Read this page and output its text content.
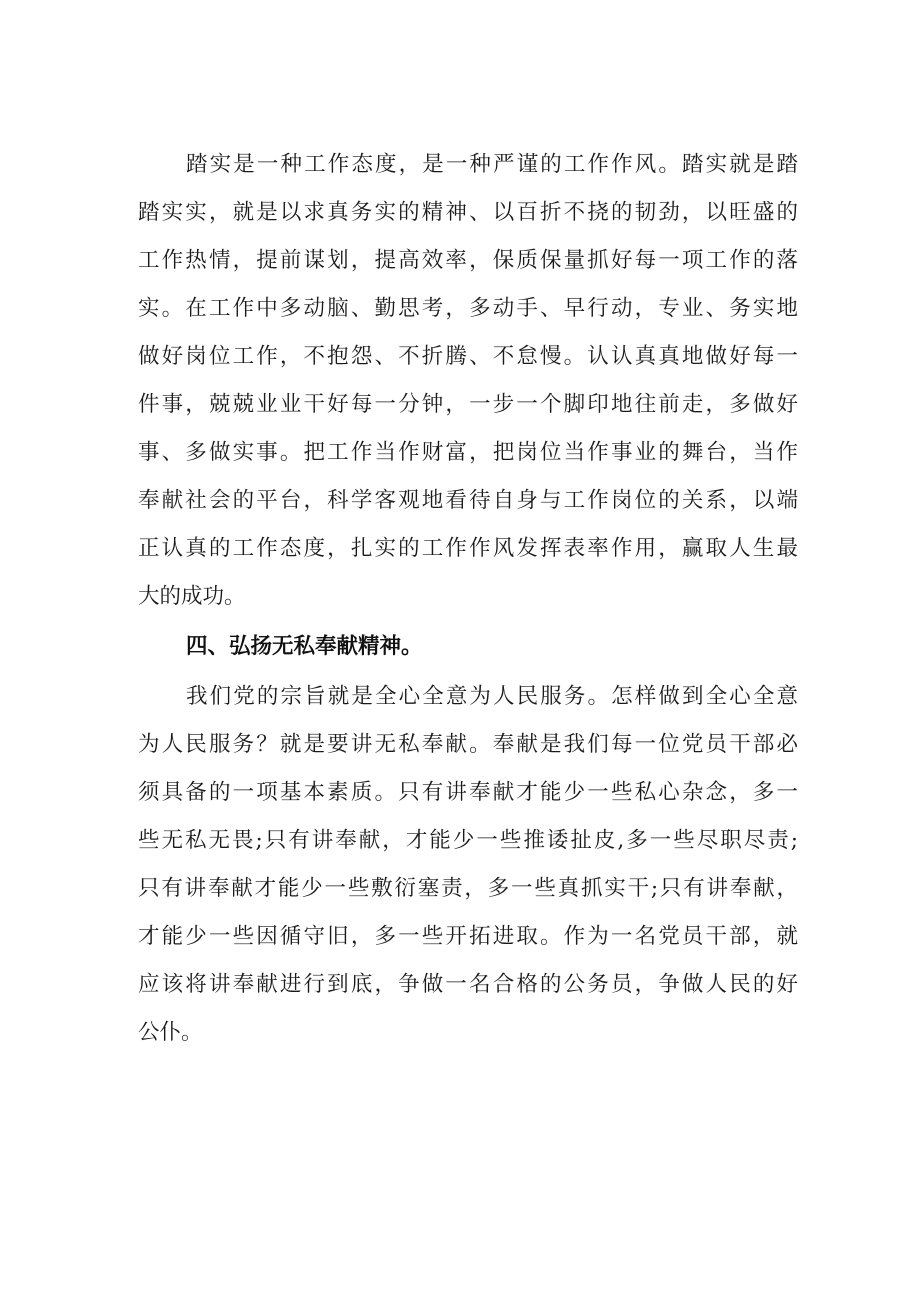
踏实是一种工作态度，是一种严谨的工作作风。踏实就是踏
踏实实，就是以求真务实的精神、以百折不挠的韧劲，以旺盛的
工作热情，提前谋划，提高效率，保质保量抓好每一项工作的落
实。在工作中多动脑、勤思考，多动手、早行动，专业、务实地
做好岗位工作，不抱怨、不折腾、不怠慢。认认真真地做好每一
件事，兢兢业业干好每一分钟，一步一个脚印地往前走，多做好
事、多做实事。把工作当作财富，把岗位当作事业的舞台，当作
奉献社会的平台，科学客观地看待自身与工作岗位的关系，以端
正认真的工作态度，扎实的工作作风发挥表率作用，赢取人生最
大的成功。
四、弘扬无私奉献精神。
我们党的宗旨就是全心全意为人民服务。怎样做到全心全意
为人民服务？就是要讲无私奉献。奉献是我们每一位党员干部必
须具备的一项基本素质。只有讲奉献才能少一些私心杂念，多一
些无私无畏;只有讲奉献，才能少一些推诿扯皮,多一些尽职尽责;
只有讲奉献才能少一些敷衍塞责，多一些真抓实干;只有讲奉献，
才能少一些因循守旧，多一些开拓进取。作为一名党员干部，就
应该将讲奉献进行到底，争做一名合格的公务员，争做人民的好
公仆。
